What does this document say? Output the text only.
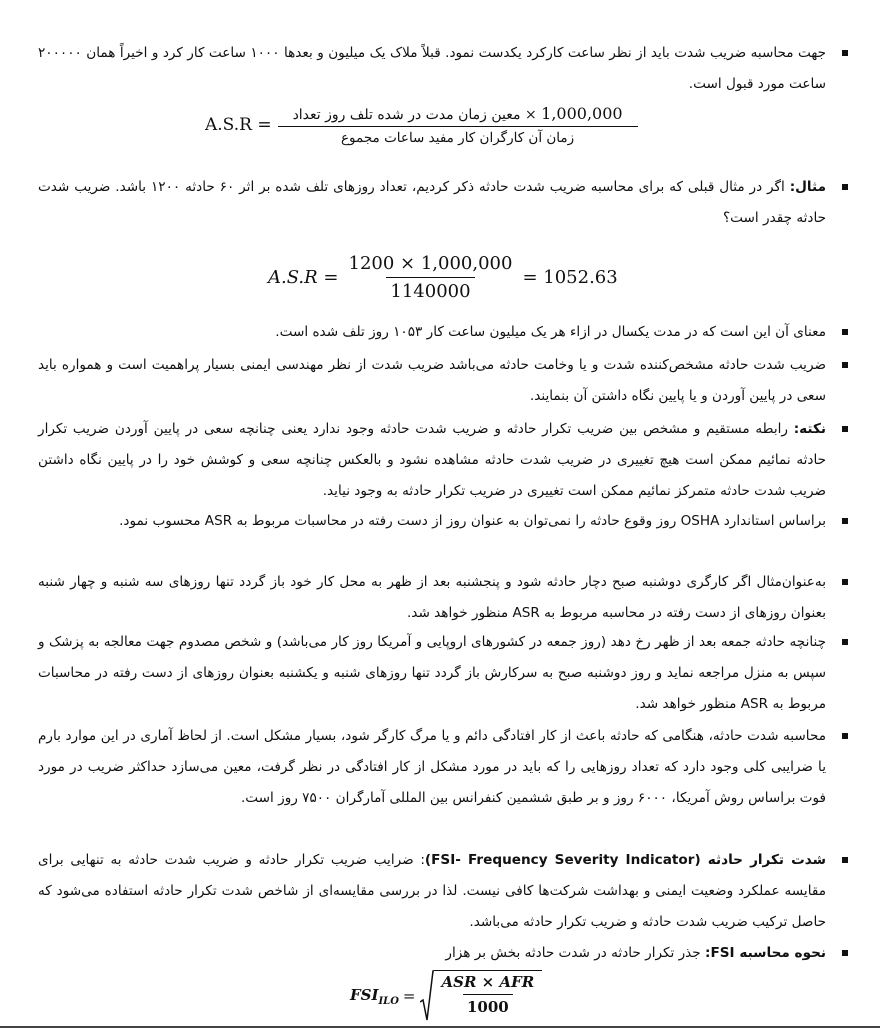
جهت محاسبه ضریب شدت باید از نظر ساعت کارکرد یکدست نمود. قبلاً ملاک یک میلیون و بعدها ۱۰۰۰ ساعت کار کرد و اخیراً همان ۲۰۰۰۰۰ ساعت مورد قبول است.
$A.S.R = \frac{\text{1,000,000 × معین زمان مدت در شده تلف روز تعداد}}{\text{زمان آن کارگران کار مفید ساعات مجموع}}$
مثال: اگر در مثال قبلی که برای محاسبه ضریب شدت حادثه ذکر کردیم، تعداد روزهای تلف شده بر اثر ۶۰ حادثه ۱۲۰۰ باشد. ضریب شدت حادثه چقدر است؟
$A.S.R = \frac{1200 \times 1,000,000}{1140000} = 1052.63$
معنای آن این است که در مدت یکسال در ازاء هر یک میلیون ساعت کار ۱۰۵۳ روز تلف شده است.
ضریب شدت حادثه مشخص‌کننده شدت و یا وخامت حادثه می‌باشد ضریب شدت از نظر مهندسی ایمنی بسیار پراهمیت است و همواره باید سعی در پایین آوردن و یا پایین نگاه داشتن آن بنمایند.
نکته: رابطه مستقیم و مشخص بین ضریب تکرار حادثه و ضریب شدت حادثه وجود ندارد یعنی چنانچه سعی در پایین آوردن ضریب تکرار حادثه نمائیم ممکن است هیچ تغییری در ضریب شدت حادثه مشاهده نشود و بالعکس چنانچه سعی و کوشش خود را در پایین نگاه داشتن ضریب شدت حادثه متمرکز نمائیم ممکن است تغییری در ضریب تکرار حادثه به وجود نیاید.
براساس استاندارد OSHA روز وقوع حادثه را نمی‌توان به عنوان روز از دست رفته در محاسبات مربوط به ASR محسوب نمود.
به‌عنوان‌مثال اگر کارگری دوشنبه صبح دچار حادثه شود و پنجشنبه بعد از ظهر به محل کار خود باز گردد تنها روزهای سه شنبه و چهار شنبه بعنوان روزهای از دست رفته در محاسبه مربوط به ASR منظور خواهد شد.
چنانچه حادثه جمعه بعد از ظهر رخ دهد (روز جمعه در کشورهای اروپایی و آمریکا روز کار می‌باشد) و شخص مصدوم جهت معالجه به پزشک و سپس به منزل مراجعه نماید و روز دوشنبه صبح به سرکارش باز گردد تنها روزهای شنبه و یکشنبه بعنوان روزهای از دست رفته در محاسبات مربوط به ASR منظور خواهد شد.
محاسبه شدت حادثه، هنگامی که حادثه باعث از کار افتادگی دائم و یا مرگ کارگر شود، بسیار مشکل است. از لحاظ آماری در این موارد بارم یا ضرایبی کلی وجود دارد که تعداد روزهایی را که باید در مورد مشکل از کار افتادگی در نظر گرفت، معین می‌سازد حداکثر ضریب در مورد فوت براساس روش آمریکا، ۶۰۰۰ روز و بر طبق ششمین کنفرانس بین المللی آمارگران ۷۵۰۰ روز است.
شدت تکرار حادثه (FSI- Frequency Severity Indicator): ضرایب ضریب تکرار حادثه و ضریب شدت حادثه به تنهایی برای مقایسه عملکرد وضعیت ایمنی و بهداشت شرکت‌ها کافی نیست. لذا در بررسی مقایسه‌ای از شاخص شدت تکرار حادثه استفاده می‌شود که حاصل ترکیب ضریب شدت حادثه و ضریب تکرار حادثه می‌باشد.
نحوه محاسبه FSI: جذر تکرار حادثه در شدت حادثه بخش بر هزار
$FSI_{ILO} = \frac{\text{ASR × AFR}}{1000}$
